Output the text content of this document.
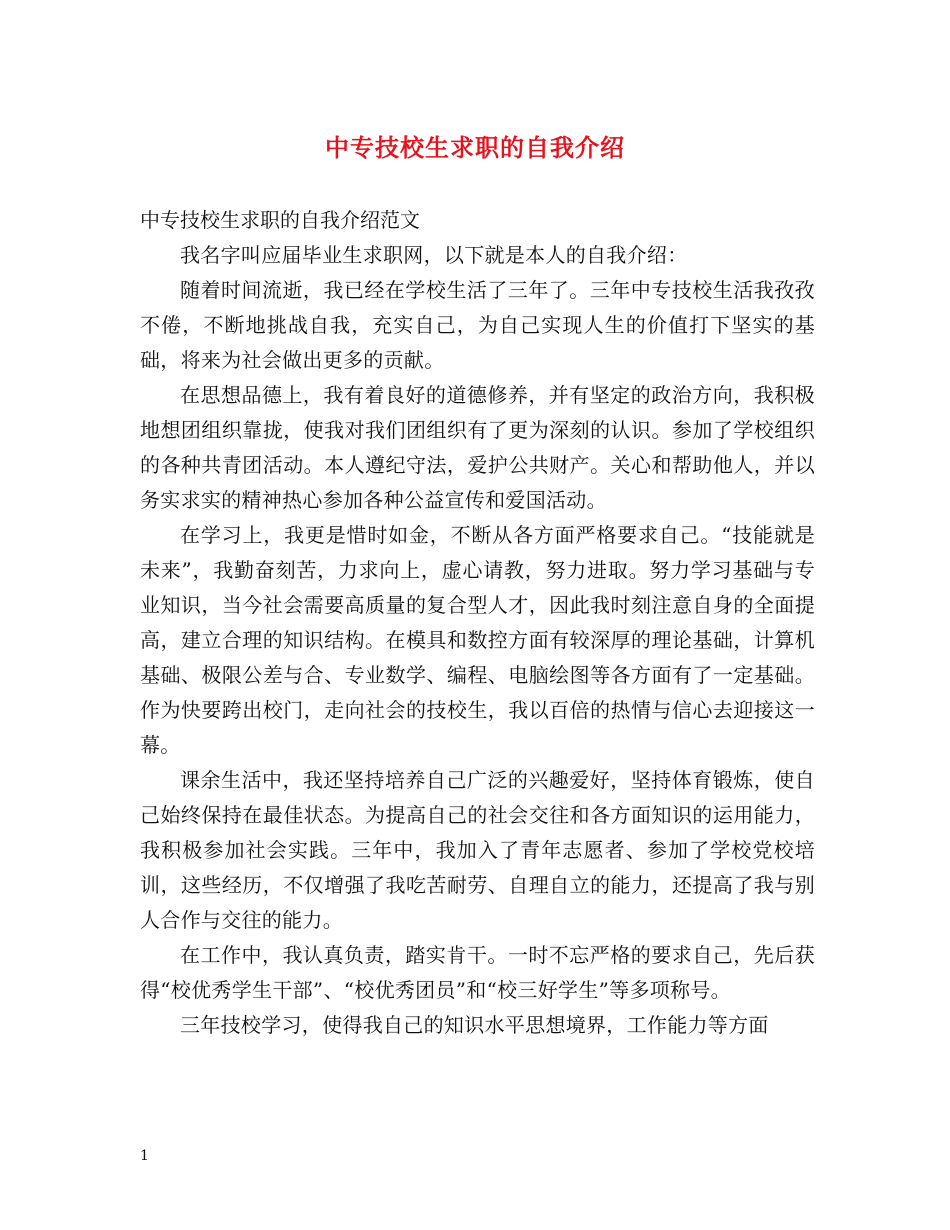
中专技校生求职的自我介绍

中专技校生求职的自我介绍范文

我名字叫应届毕业生求职网，以下就是本人的自我介绍：

随着时间流逝，我已经在学校生活了三年了。三年中专技校生活我孜孜不倦，不断地挑战自我，充实自己，为自己实现人生的价值打下坚实的基础，将来为社会做出更多的贡献。

在思想品德上，我有着良好的道德修养，并有坚定的政治方向，我积极地想团组织靠拢，使我对我们团组织有了更为深刻的认识。参加了学校组织的各种共青团活动。本人遵纪守法，爱护公共财产。关心和帮助他人，并以务实求实的精神热心参加各种公益宣传和爱国活动。

在学习上，我更是惜时如金，不断从各方面严格要求自己。“技能就是未来”，我勤奋刻苦，力求向上，虚心请教，努力进取。努力学习基础与专业知识，当今社会需要高质量的复合型人才，因此我时刻注意自身的全面提高，建立合理的知识结构。在模具和数控方面有较深厚的理论基础，计算机基础、极限公差与合、专业数学、编程、电脑绘图等各方面有了一定基础。作为快要跨出校门，走向社会的技校生，我以百倍的热情与信心去迎接这一幕。

课余生活中，我还坚持培养自己广泛的兴趣爱好，坚持体育锻炼，使自己始终保持在最佳状态。为提高自己的社会交往和各方面知识的运用能力，我积极参加社会实践。三年中，我加入了青年志愿者、参加了学校党校培训，这些经历，不仅增强了我吃苦耐劳、自理自立的能力，还提高了我与别人合作与交往的能力。

在工作中，我认真负责，踏实肯干。一时不忘严格的要求自己，先后获得“校优秀学生干部”、“校优秀团员”和“校三好学生”等多项称号。

三年技校学习，使得我自己的知识水平思想境界，工作能力等方面

1
